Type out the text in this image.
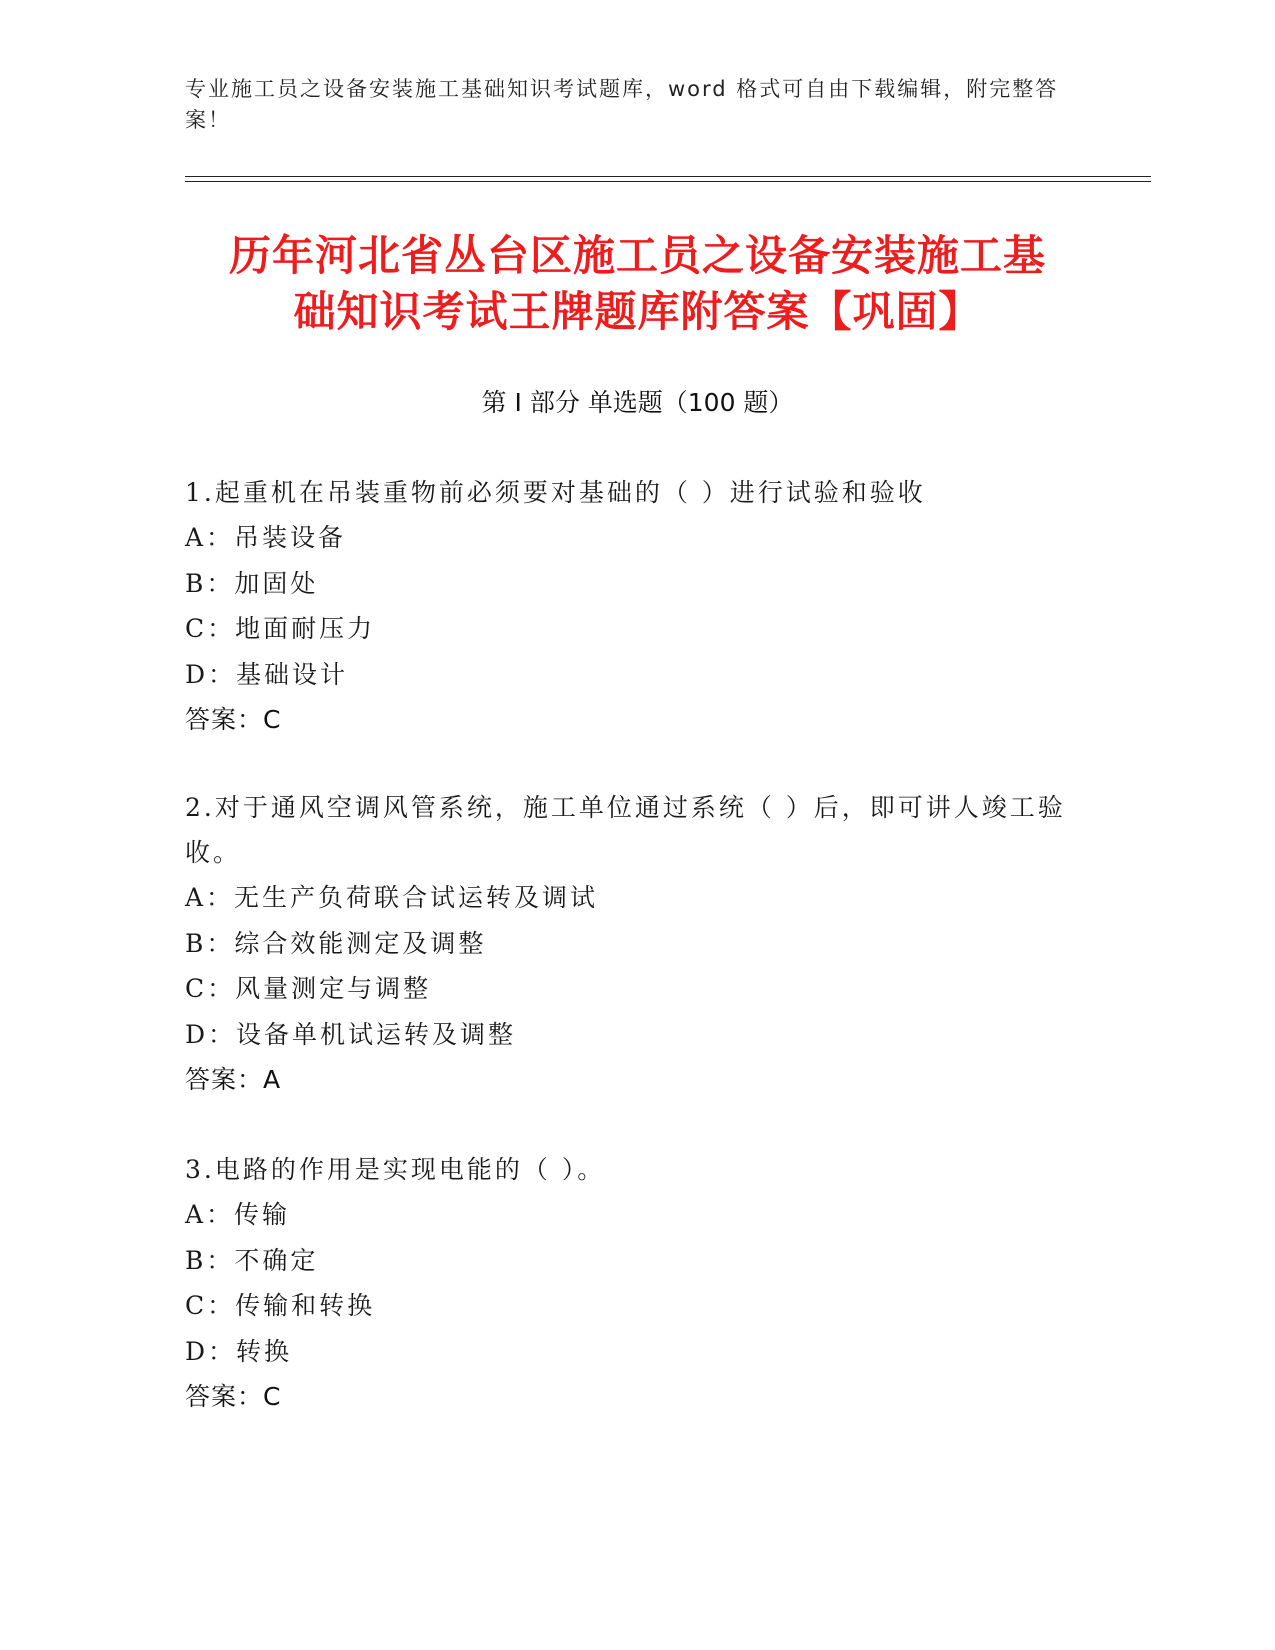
专业施工员之设备安装施工基础知识考试题库，word 格式可自由下载编辑，附完整答案！
历年河北省丛台区施工员之设备安装施工基
础知识考试王牌题库附答案【巩固】
第 I 部分 单选题（100 题）
1.起重机在吊装重物前必须要对基础的（ ）进行试验和验收
A：吊装设备
B：加固处
C：地面耐压力
D：基础设计
答案：C
2.对于通风空调风管系统，施工单位通过系统（ ）后，即可讲人竣工验收。
A：无生产负荷联合试运转及调试
B：综合效能测定及调整
C：风量测定与调整
D：设备单机试运转及调整
答案：A
3.电路的作用是实现电能的（ ）。
A：传输
B：不确定
C：传输和转换
D：转换
答案：C
